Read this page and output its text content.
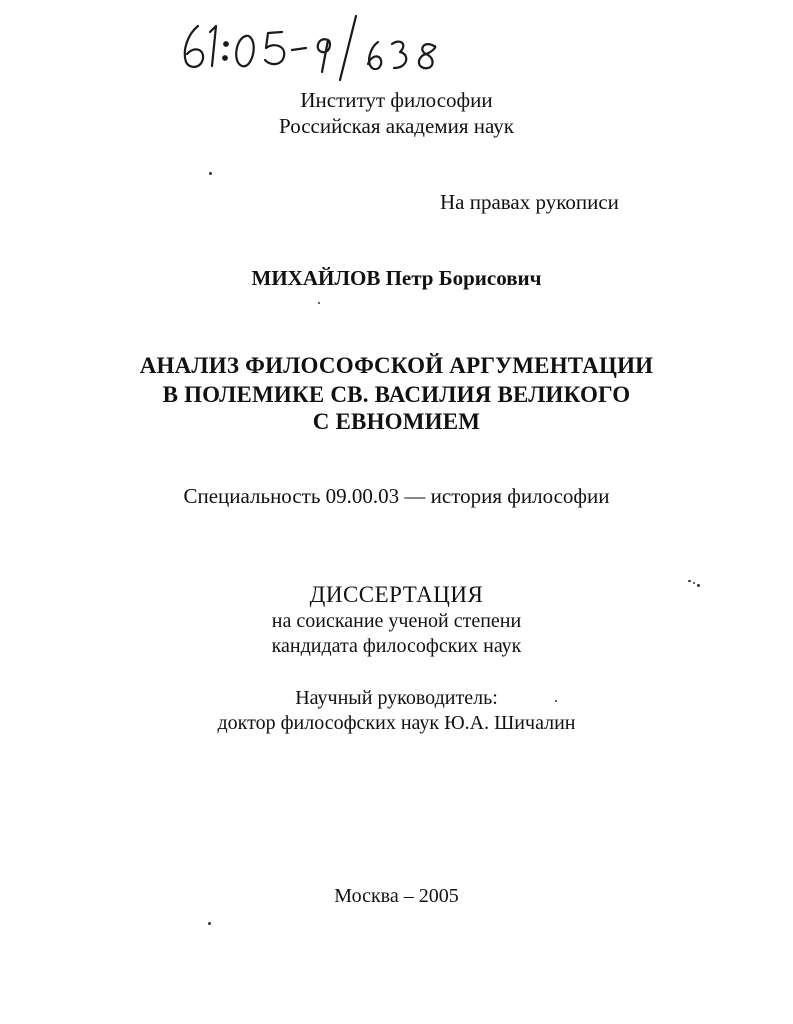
Институт философии
Российская академия наук
На правах рукописи
МИХАЙЛОВ Петр Борисович
АНАЛИЗ ФИЛОСОФСКОЙ АРГУМЕНТАЦИИ
В ПОЛЕМИКЕ СВ. ВАСИЛИЯ ВЕЛИКОГО
С ЕВНОМИЕМ
Специальность 09.00.03 — история философии
ДИССЕРТАЦИЯ
на соискание ученой степени
кандидата философских наук
Научный руководитель:
доктор философских наук Ю.А. Шичалин
Москва – 2005
